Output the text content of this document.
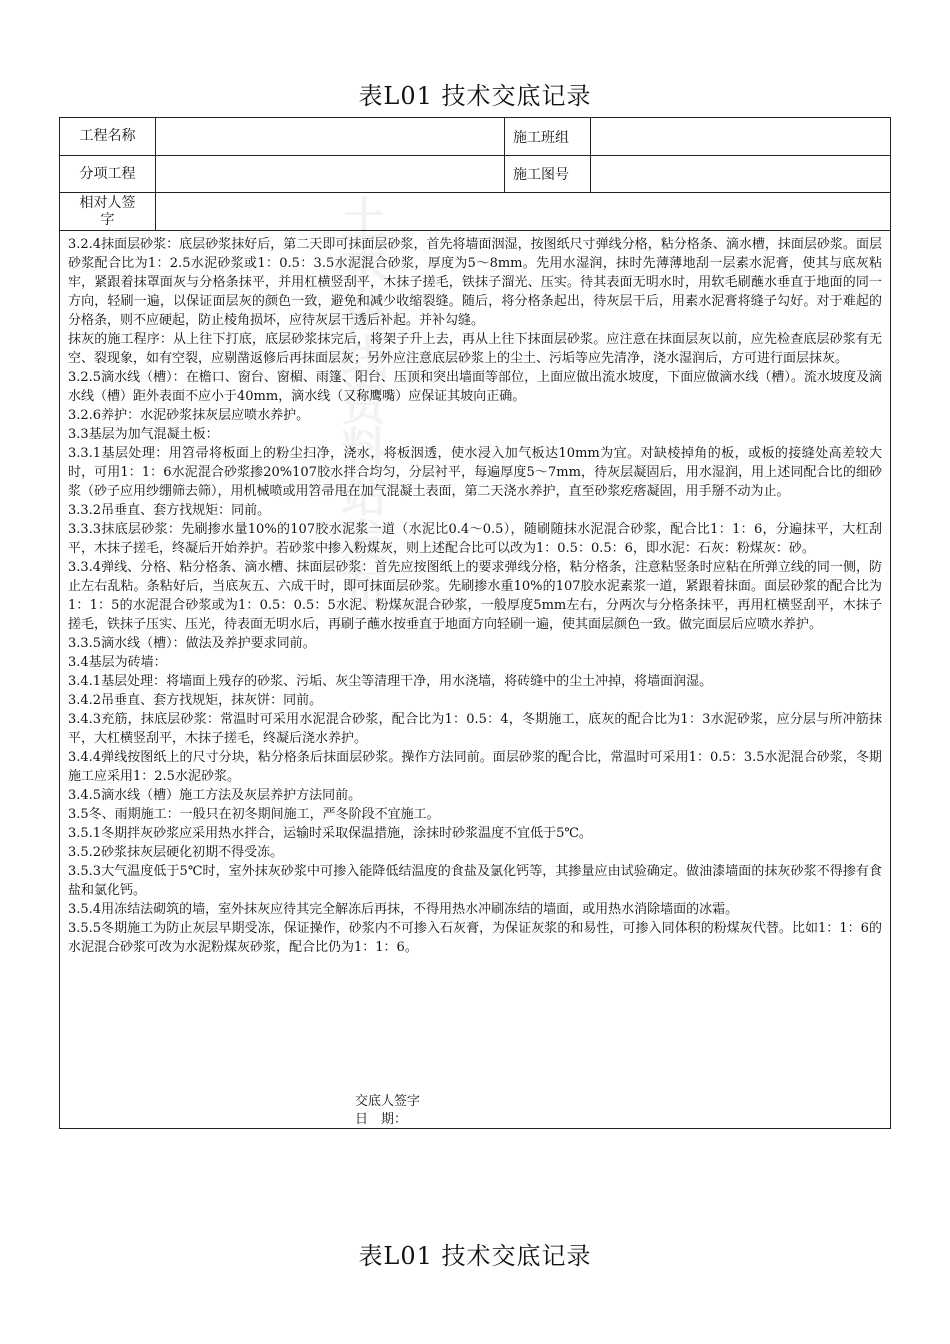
表L01 技术交底记录
工程名称	施工班组
分项工程	施工图号
相对人签字

3.2.4抹面层砂浆：底层砂浆抹好后，第二天即可抹面层砂浆，首先将墙面洇湿，按图纸尺寸弹线分格，粘分格条、滴水槽，抹面层砂浆。面层砂浆配合比为1：2.5水泥砂浆或1：0.5：3.5水泥混合砂浆，厚度为5～8mm。先用水湿润，抹时先薄薄地刮一层素水泥膏，使其与底灰粘牢，紧跟着抹罩面灰与分格条抹平，并用杠横竖刮平，木抹子搓毛，铁抹子溜光、压实。待其表面无明水时，用软毛刷蘸水垂直于地面的同一方向，轻刷一遍，以保证面层灰的颜色一致，避免和减少收缩裂缝。随后，将分格条起出，待灰层干后，用素水泥膏将缝子勾好。对于难起的分格条，则不应硬起，防止棱角损坏，应待灰层干透后补起。并补勾缝。

抹灰的施工程序：从上往下打底，底层砂浆抹完后，将架子升上去，再从上往下抹面层砂浆。应注意在抹面层灰以前，应先检查底层砂浆有无空、裂现象，如有空裂，应剔凿返修后再抹面层灰；另外应注意底层砂浆上的尘土、污垢等应先清净，浇水湿润后，方可进行面层抹灰。

3.2.5滴水线（槽）：在檐口、窗台、窗楣、雨篷、阳台、压顶和突出墙面等部位，上面应做出流水坡度，下面应做滴水线（槽）。流水坡度及滴水线（槽）距外表面不应小于40mm，滴水线（又称鹰嘴）应保证其坡向正确。

3.2.6养护：水泥砂浆抹灰层应喷水养护。

3.3基层为加气混凝土板：

3.3.1基层处理：用笤帚将板面上的粉尘扫净，浇水，将板洇透，使水浸入加气板达10mm为宜。对缺棱掉角的板，或板的接缝处高差较大时，可用1：1：6水泥混合砂浆掺20%107胶水拌合均匀，分层衬平，每遍厚度5～7mm，待灰层凝固后，用水湿润，用上述同配合比的细砂浆（砂子应用纱绷筛去筛），用机械喷或用笤帚甩在加气混凝土表面，第二天浇水养护，直至砂浆疙瘩凝固，用手掰不动为止。

3.3.2吊垂直、套方找规矩：同前。

3.3.3抹底层砂浆：先刷掺水量10%的107胶水泥浆一道（水泥比0.4～0.5），随刷随抹水泥混合砂浆，配合比1：1：6，分遍抹平，大杠刮平，木抹子搓毛，终凝后开始养护。若砂浆中掺入粉煤灰，则上述配合比可以改为1：0.5：0.5：6，即水泥：石灰：粉煤灰：砂。

3.3.4弹线、分格、粘分格条、滴水槽、抹面层砂浆：首先应按图纸上的要求弹线分格，粘分格条，注意粘竖条时应粘在所弹立线的同一侧，防止左右乱粘。条粘好后，当底灰五、六成干时，即可抹面层砂浆。先刷掺水重10%的107胶水泥素浆一道，紧跟着抹面。面层砂浆的配合比为1：1：5的水泥混合砂浆或为1：0.5：0.5：5水泥、粉煤灰混合砂浆，一般厚度5mm左右，分两次与分格条抹平，再用杠横竖刮平，木抹子搓毛，铁抹子压实、压光，待表面无明水后，再刷子蘸水按垂直于地面方向轻刷一遍，使其面层颜色一致。做完面层后应喷水养护。

3.3.5滴水线（槽）：做法及养护要求同前。

3.4基层为砖墙：

3.4.1基层处理：将墙面上残存的砂浆、污垢、灰尘等清理干净，用水浇墙，将砖缝中的尘土冲掉，将墙面润湿。

3.4.2吊垂直、套方找规矩，抹灰饼：同前。

3.4.3充筋，抹底层砂浆：常温时可采用水泥混合砂浆，配合比为1：0.5：4，冬期施工，底灰的配合比为1：3水泥砂浆，应分层与所冲筋抹平，大杠横竖刮平，木抹子搓毛，终凝后浇水养护。

3.4.4弹线按图纸上的尺寸分块，粘分格条后抹面层砂浆。操作方法同前。面层砂浆的配合比，常温时可采用1：0.5：3.5水泥混合砂浆，冬期施工应采用1：2.5水泥砂浆。

3.4.5滴水线（槽）施工方法及灰层养护方法同前。

3.5冬、雨期施工：一般只在初冬期间施工，严冬阶段不宜施工。

3.5.1冬期拌灰砂浆应采用热水拌合，运输时采取保温措施，涂抹时砂浆温度不宜低于5℃。

3.5.2砂浆抹灰层硬化初期不得受冻。

3.5.3大气温度低于5℃时，室外抹灰砂浆中可掺入能降低结温度的食盐及氯化钙等，其掺量应由试验确定。做油漆墙面的抹灰砂浆不得掺有食盐和氯化钙。

3.5.4用冻结法砌筑的墙，室外抹灰应待其完全解冻后再抹，不得用热水冲刷冻结的墙面，或用热水消除墙面的冰霜。

3.5.5冬期施工为防止灰层早期受冻，保证操作，砂浆内不可掺入石灰膏，为保证灰浆的和易性，可掺入同体积的粉煤灰代替。比如1：1：6的水泥混合砂浆可改为水泥粉煤灰砂浆，配合比仍为1：1：6。

交底人签字
日　期：
土木在线资料站发布
表L01 技术交底记录
